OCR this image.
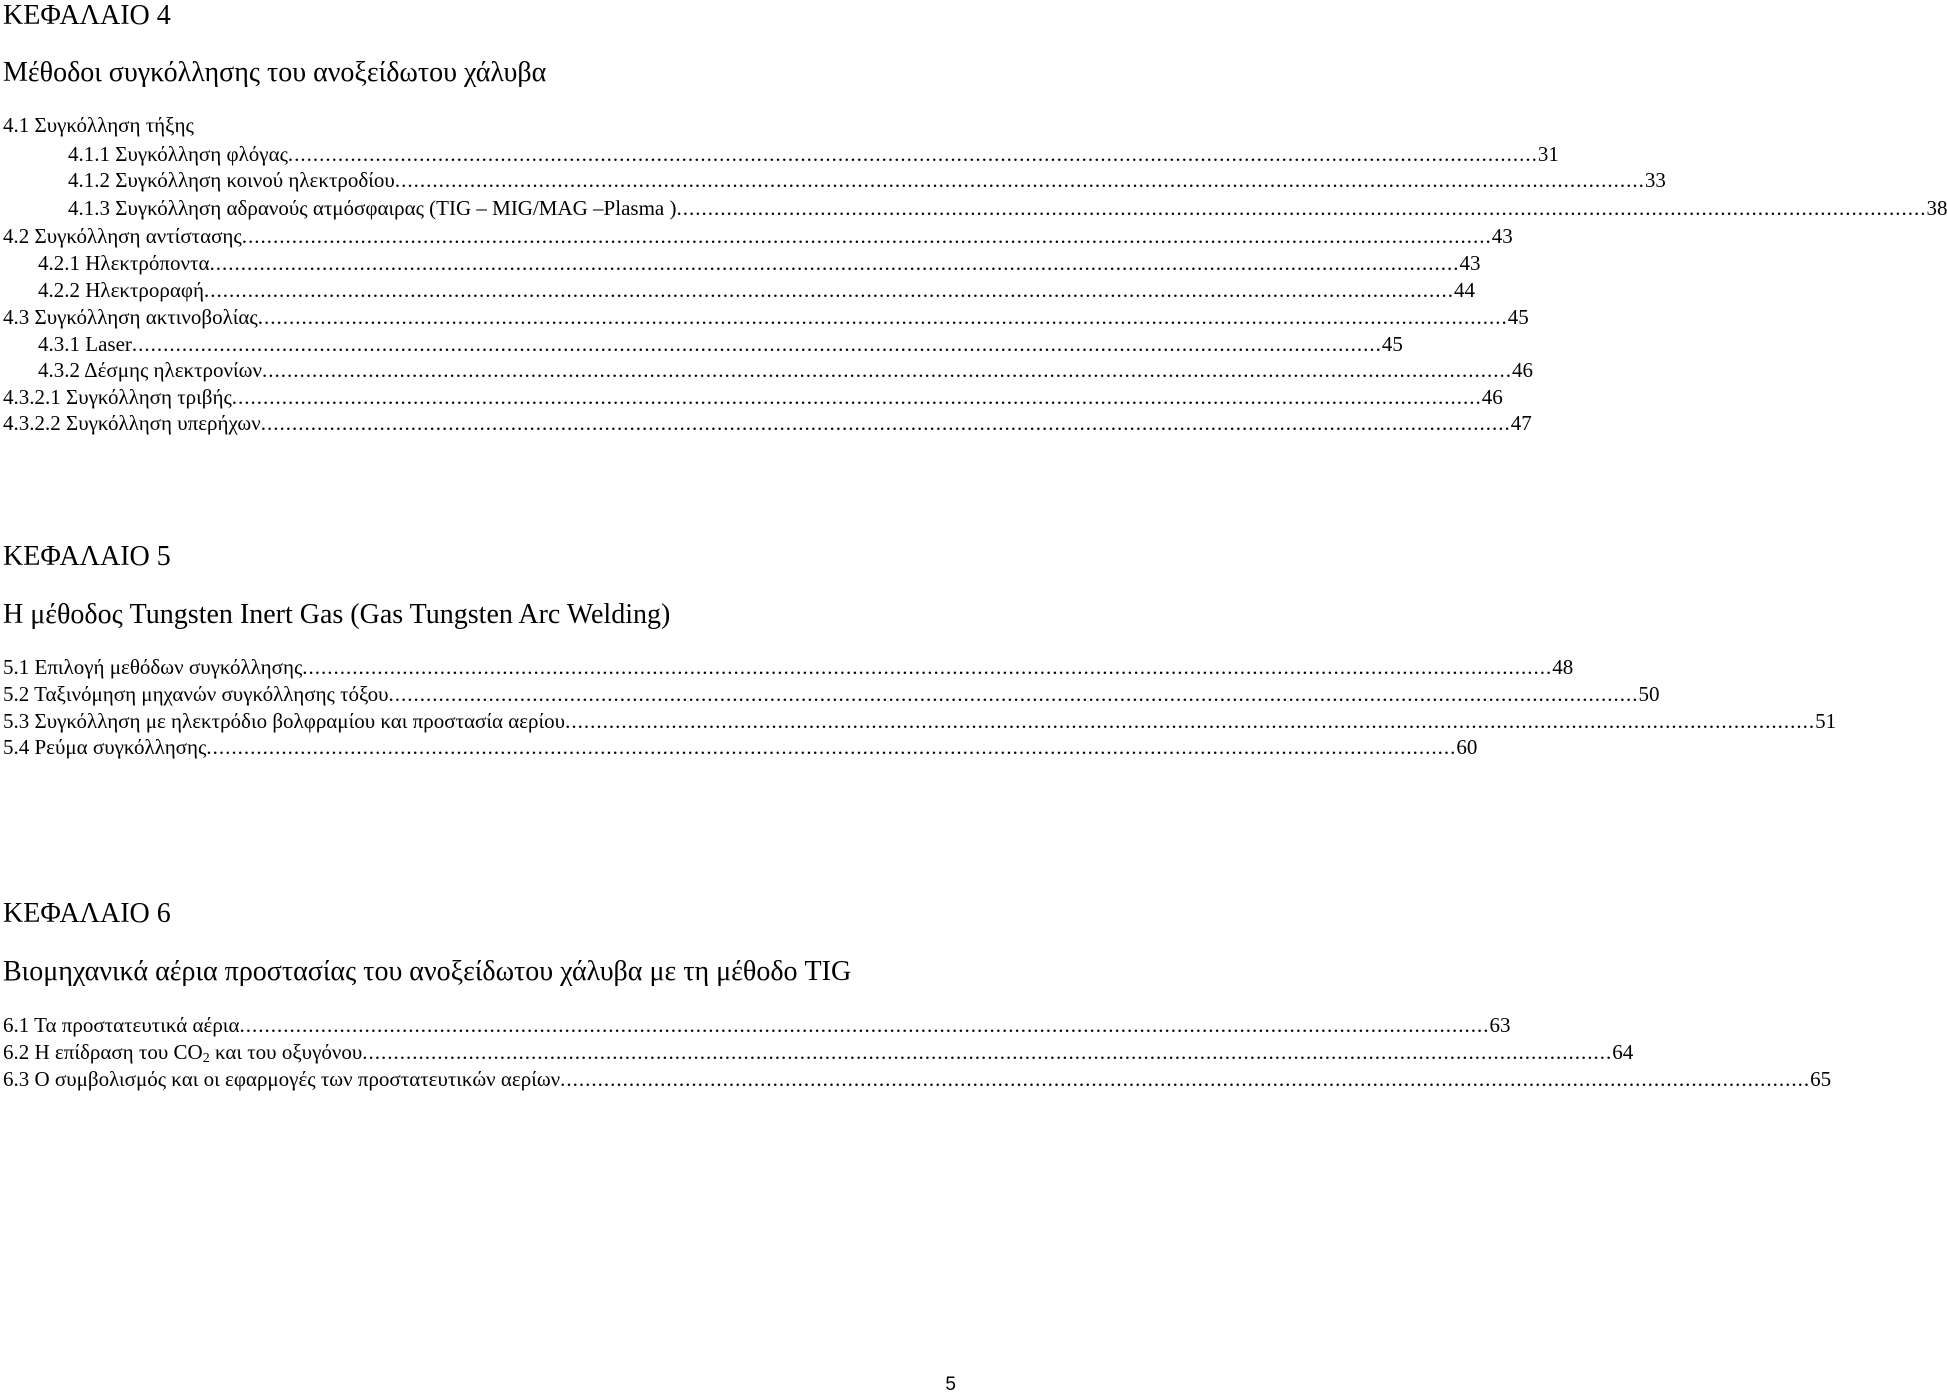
ΚΕΦΑΛΑΙΟ 4
Μέθοδοι συγκόλλησης του ανοξείδωτου χάλυβα
4.1 Συγκόλληση τήξης
4.1.1 Συγκόλληση φλόγας ........................................................................................................................................................................................................ 31
4.1.2 Συγκόλληση κοινού ηλεκτροδίου ........................................................................................................................................................................................................ 33
4.1.3 Συγκόλληση αδρανούς ατμόσφαιρας (TIG – MIG/MAG –Plasma ) ........................................................................................................................................................................................................ 38
4.2 Συγκόλληση αντίστασης ........................................................................................................................................................................................................ 43
4.2.1 Ηλεκτρόποντα ........................................................................................................................................................................................................ 43
4.2.2 Ηλεκτροραφή ........................................................................................................................................................................................................ 44
4.3 Συγκόλληση ακτινοβολίας ........................................................................................................................................................................................................ 45
4.3.1 Laser ........................................................................................................................................................................................................ 45
4.3.2 Δέσμης ηλεκτρονίων ........................................................................................................................................................................................................ 46
4.3.2.1 Συγκόλληση τριβής ........................................................................................................................................................................................................ 46
4.3.2.2 Συγκόλληση υπερήχων ........................................................................................................................................................................................................ 47
ΚΕΦΑΛΑΙΟ 5
Η μέθοδος Tungsten Inert Gas (Gas Tungsten Arc Welding)
5.1 Επιλογή μεθόδων συγκόλλησης ........................................................................................................................................................................................................ 48
5.2 Ταξινόμηση μηχανών συγκόλλησης τόξου ........................................................................................................................................................................................................ 50
5.3 Συγκόλληση με ηλεκτρόδιο βολφραμίου και προστασία αερίου ........................................................................................................................................................................................................ 51
5.4 Ρεύμα συγκόλλησης ........................................................................................................................................................................................................ 60
ΚΕΦΑΛΑΙΟ 6
Βιομηχανικά αέρια προστασίας του ανοξείδωτου χάλυβα με τη μέθοδο TIG
6.1 Τα προστατευτικά αέρια ........................................................................................................................................................................................................ 63
6.2 Η επίδραση του $CO_2$ και του οξυγόνου ........................................................................................................................................................................................................ 64
6.3 Ο συμβολισμός και οι εφαρμογές των προστατευτικών αερίων ........................................................................................................................................................................................................ 65
5
